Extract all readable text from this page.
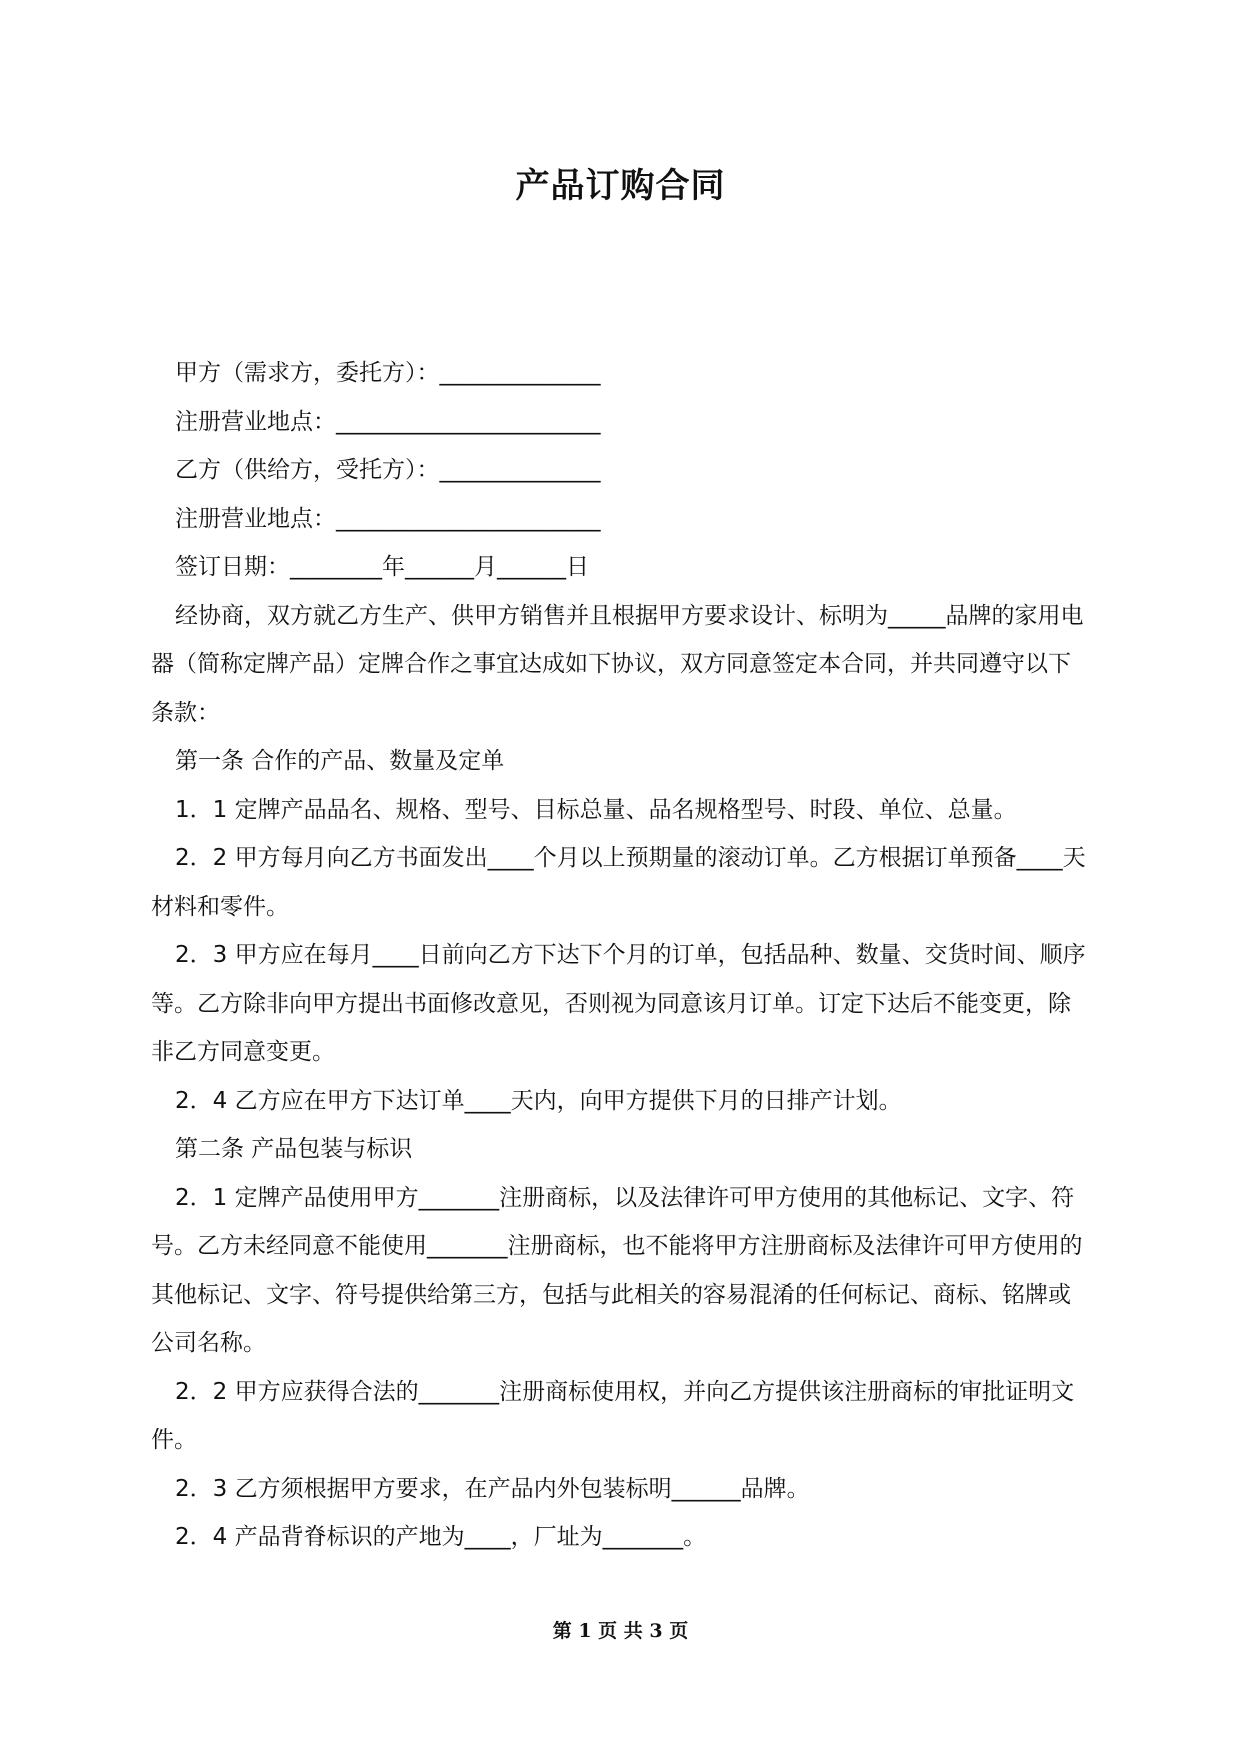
产品订购合同

甲方（需求方，委托方）：______________

注册营业地点：_______________________

乙方（供给方，受托方）：______________

注册营业地点：_______________________

签订日期：________年______月______日

经协商，双方就乙方生产、供甲方销售并且根据甲方要求设计、标明为_____品牌的家用电器（简称定牌产品）定牌合作之事宜达成如下协议，双方同意签定本合同，并共同遵守以下条款：

第一条 合作的产品、数量及定单

1．1 定牌产品品名、规格、型号、目标总量、品名规格型号、时段、单位、总量。

2．2 甲方每月向乙方书面发出____个月以上预期量的滚动订单。乙方根据订单预备____天材料和零件。

2．3 甲方应在每月____日前向乙方下达下个月的订单，包括品种、数量、交货时间、顺序等。乙方除非向甲方提出书面修改意见，否则视为同意该月订单。订定下达后不能变更，除非乙方同意变更。

2．4 乙方应在甲方下达订单____天内，向甲方提供下月的日排产计划。

第二条 产品包装与标识

2．1 定牌产品使用甲方_______注册商标，以及法律许可甲方使用的其他标记、文字、符号。乙方未经同意不能使用_______注册商标，也不能将甲方注册商标及法律许可甲方使用的其他标记、文字、符号提供给第三方，包括与此相关的容易混淆的任何标记、商标、铭牌或公司名称。

2．2 甲方应获得合法的_______注册商标使用权，并向乙方提供该注册商标的审批证明文件。

2．3 乙方须根据甲方要求，在产品内外包装标明______品牌。

2．4 产品背脊标识的产地为____，厂址为_______。

第 1 页 共 3 页
